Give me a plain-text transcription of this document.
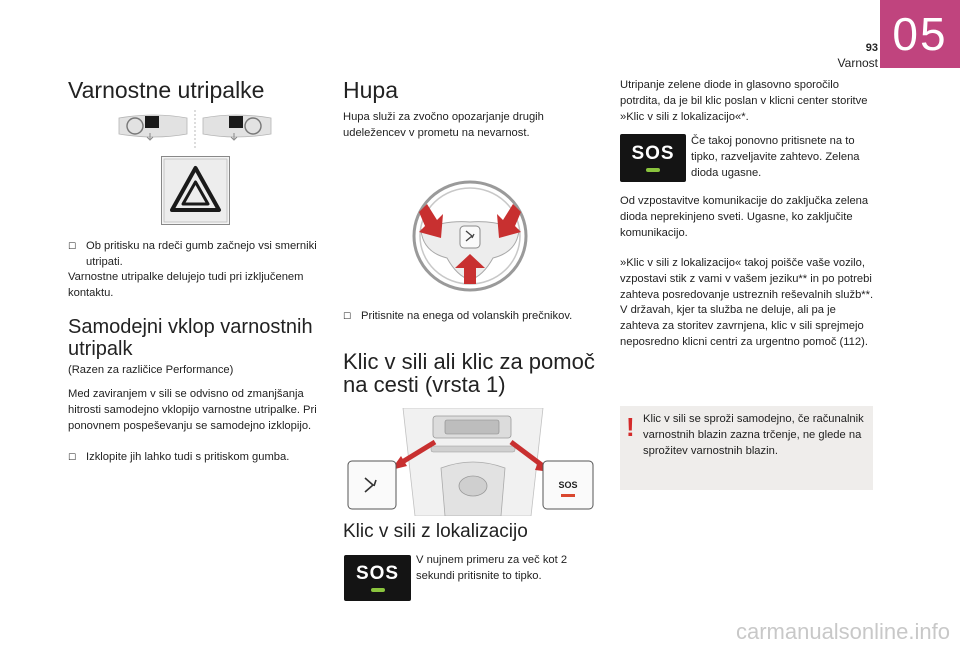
93
Varnost
05
Varnostne utripalke
☐ Ob pritisku na rdeči gumb začnejo vsi smerniki utripati.

Varnostne utripalke delujejo tudi pri izključenem kontaktu.

Samodejni vklop varnostnih utripalk

(Razen za različice Performance)

Med zaviranjem v sili se odvisno od zmanjšanja hitrosti samodejno vklopijo varnostne utripalke. Pri ponovnem pospeševanju se samodejno izklopijo.

☐ Izklopite jih lahko tudi s pritiskom gumba.
Hupa

Hupa služi za zvočno opozarjanje drugih udeležencev v prometu na nevarnost.

☐ Pritisnite na enega od volanskih prečnikov.
Klic v sili ali klic za pomoč na cesti (vrsta 1)
SOS
Klic v sili z lokalizacijo
SOS

V nujnem primeru za več kot 2 sekundi pritisnite to tipko.

Utripanje zelene diode in glasovno sporočilo potrdita, da je bil klic poslan v klicni center storitve »Klic v sili z lokalizacijo«*.

SOS

Če takoj ponovno pritisnete na to tipko, razveljavite zahtevo. Zelena dioda ugasne.

Od vzpostavitve komunikacije do zaključka zelena dioda neprekinjeno sveti. Ugasne, ko zaključite komunikacijo.

»Klic v sili z lokalizacijo« takoj poišče vaše vozilo, vzpostavi stik z vami v vašem jeziku** in po potrebi zahteva posredovanje ustreznih reševalnih služb**. V državah, kjer ta služba ne deluje, ali pa je zahteva za storitev zavrnjena, klic v sili sprejmejo neposredno klicni centri za urgentno pomoč (112).

! Klic v sili se sproži samodejno, če računalnik varnostnih blazin zazna trčenje, ne glede na sprožitev varnostnih blazin.

carmanualsonline.info
